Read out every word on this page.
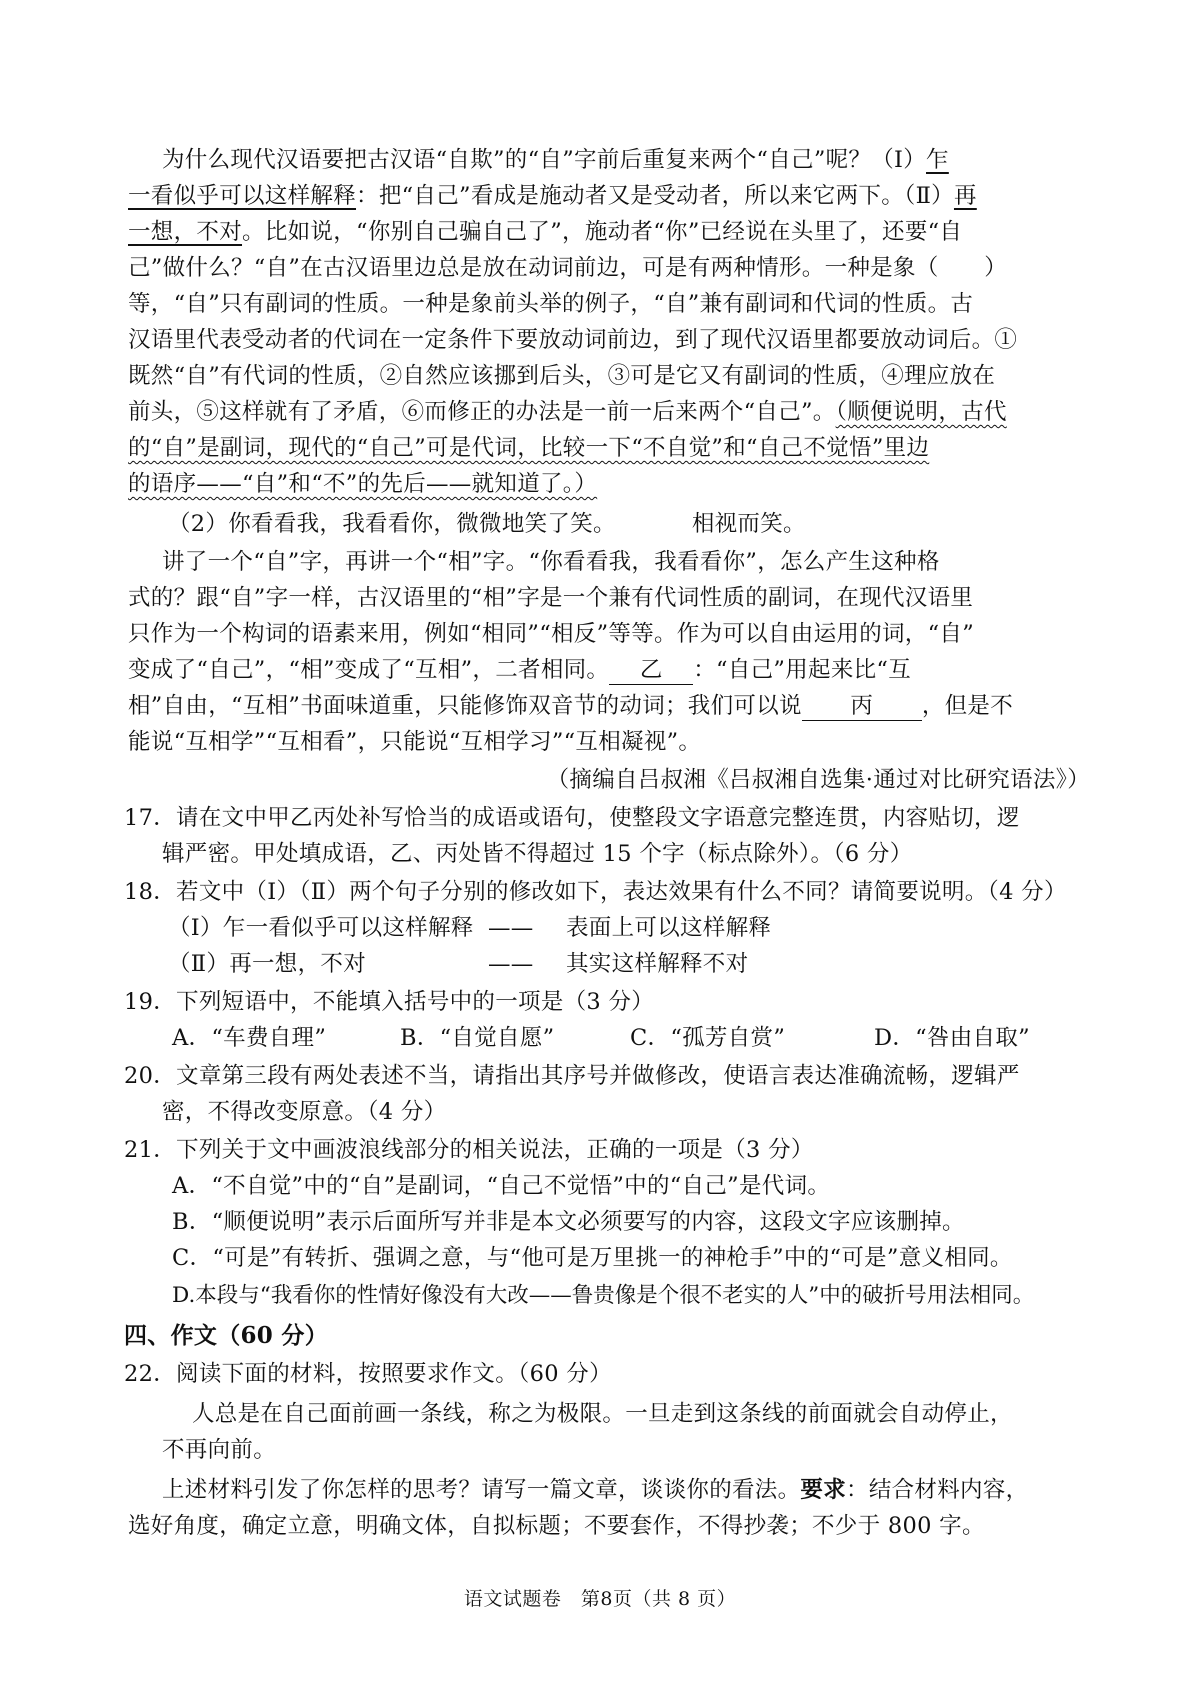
为什么现代汉语要把古汉语“自欺”的“自”字前后重复来两个“自己”呢？（Ⅰ）乍
一看似乎可以这样解释：把“自己”看成是施动者又是受动者，所以来它两下。（Ⅱ）再
一想，不对。比如说，“你别自己骗自己了”，施动者“你”已经说在头里了，还要“自
己”做什么？“自”在古汉语里边总是放在动词前边，可是有两种情形。一种是象（　　）
等，“自”只有副词的性质。一种是象前头举的例子，“自”兼有副词和代词的性质。古
汉语里代表受动者的代词在一定条件下要放动词前边，到了现代汉语里都要放动词后。①
既然“自”有代词的性质，②自然应该挪到后头，③可是它又有副词的性质，④理应放在
前头，⑤这样就有了矛盾，⑥而修正的办法是一前一后来两个“自己”。（顺便说明，古代
的“自”是副词，现代的“自己”可是代词，比较一下“不自觉”和“自己不觉悟”里边
的语序——“自”和“不”的先后——就知道了。）
（2）你看看我，我看看你，微微地笑了笑。	相视而笑。
讲了一个“自”字，再讲一个“相”字。“你看看我，我看看你”，怎么产生这种格
式的？跟“自”字一样，古汉语里的“相”字是一个兼有代词性质的副词，在现代汉语里
只作为一个构词的语素来用，例如“相同”“相反”等等。作为可以自由运用的词，“自”
变成了“自己”，“相”变成了“互相”，二者相同。 乙 ：“自己”用起来比“互
相”自由，“互相”书面味道重，只能修饰双音节的动词；我们可以说 丙 ，但是不
能说“互相学”“互相看”，只能说“互相学习”“互相凝视”。
（摘编自吕叔湘《吕叔湘自选集·通过对比研究语法》）
17．请在文中甲乙丙处补写恰当的成语或语句，使整段文字语意完整连贯，内容贴切，逻
辑严密。甲处填成语，乙、丙处皆不得超过 15 个字（标点除外）。（6 分）
18．若文中（Ⅰ）（Ⅱ）两个句子分别的修改如下，表达效果有什么不同？请简要说明。（4 分）
（Ⅰ）乍一看似乎可以这样解释 —— 表面上可以这样解释
（Ⅱ）再一想，不对	—— 其实这样解释不对
19．下列短语中，不能填入括号中的一项是（3 分）
A．“车费自理”	B．“自觉自愿”	C．“孤芳自赏”	D．“咎由自取”
20．文章第三段有两处表述不当，请指出其序号并做修改，使语言表达准确流畅，逻辑严
密，不得改变原意。（4 分）
21．下列关于文中画波浪线部分的相关说法，正确的一项是（3 分）
A．“不自觉”中的“自”是副词，“自己不觉悟”中的“自己”是代词。
B．“顺便说明”表示后面所写并非是本文必须要写的内容，这段文字应该删掉。
C．“可是”有转折、强调之意，与“他可是万里挑一的神枪手”中的“可是”意义相同。
D.本段与“我看你的性情好像没有大改——鲁贵像是个很不老实的人”中的破折号用法相同。
四、作文（60 分）
22．阅读下面的材料，按照要求作文。（60 分）
人总是在自己面前画一条线，称之为极限。一旦走到这条线的前面就会自动停止，
不再向前。
上述材料引发了你怎样的思考？请写一篇文章，谈谈你的看法。要求：结合材料内容，
选好角度，确定立意，明确文体，自拟标题；不要套作，不得抄袭；不少于 800 字。
语文试题卷　第8页（共 8 页）
